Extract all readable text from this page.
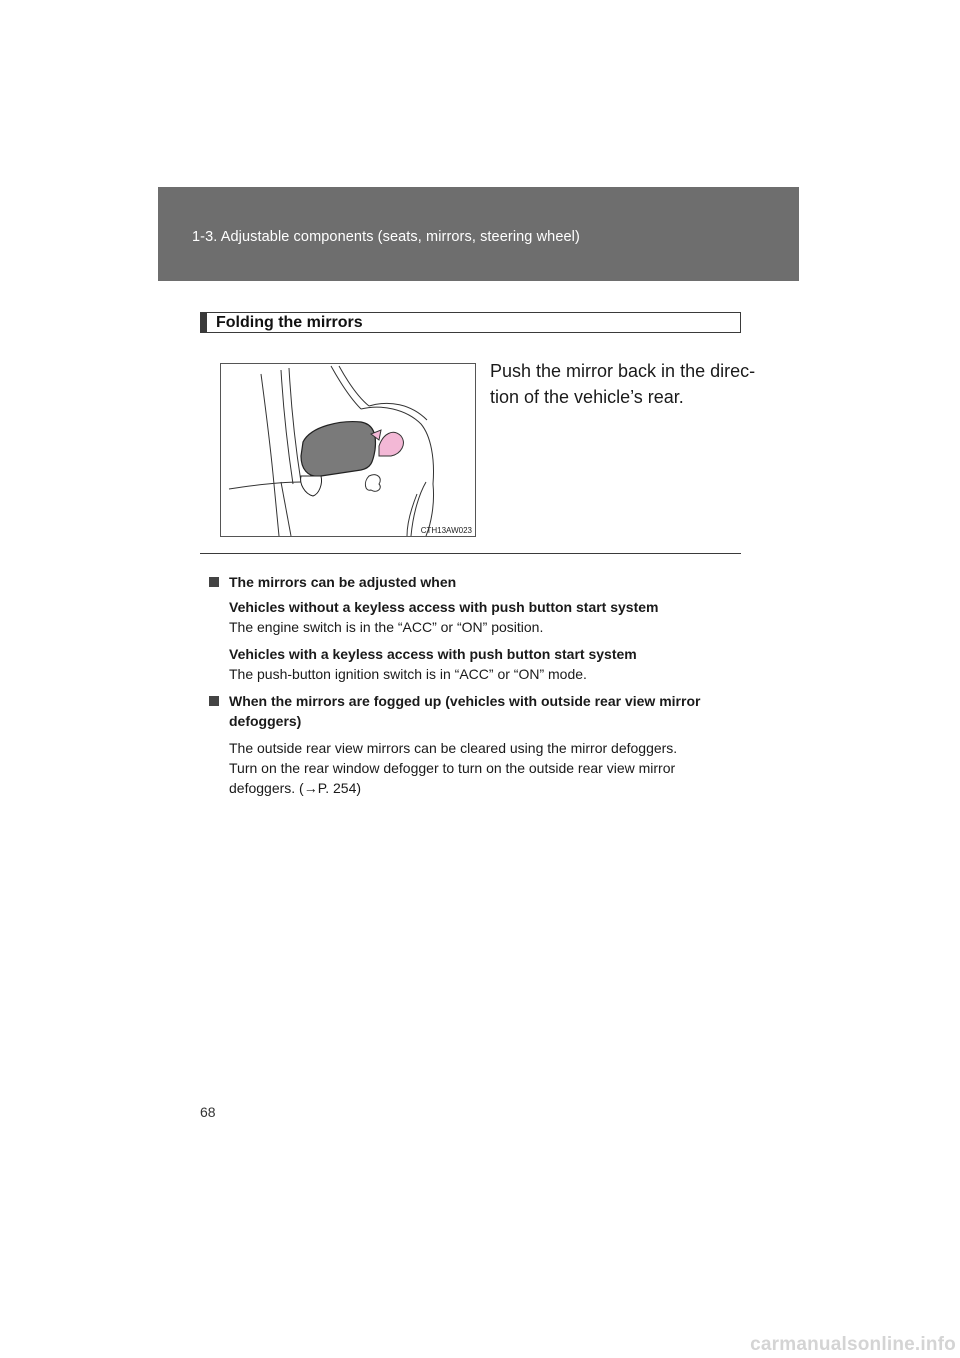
1-3. Adjustable components (seats, mirrors, steering wheel)
Folding the mirrors
CTH13AW023
Push the mirror back in the direc-
tion of the vehicle’s rear.
The mirrors can be adjusted when
Vehicles without a keyless access with push button start system
The engine switch is in the “ACC” or “ON” position.
Vehicles with a keyless access with push button start system
The push-button ignition switch is in “ACC” or “ON” mode.
When the mirrors are fogged up (vehicles with outside rear view mirror
defoggers)
The outside rear view mirrors can be cleared using the mirror defoggers.
Turn on the rear window defogger to turn on the outside rear view mirror
defoggers. (→P. 254)
68
carmanualsonline.info
